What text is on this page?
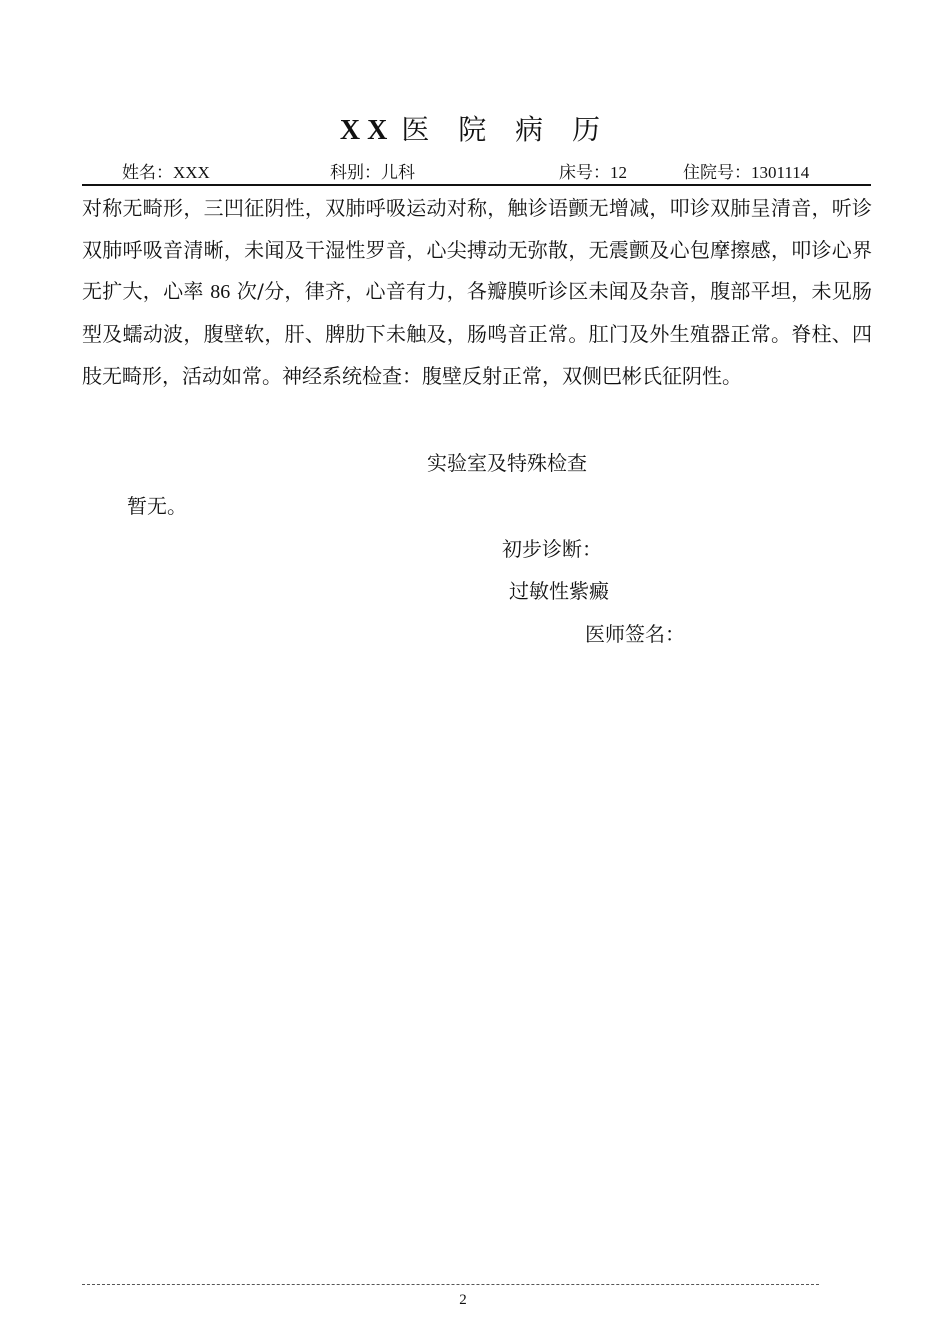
X X 医 院 病 历
姓名：XXX	科别：儿科	床号：12	住院号：1301114

对称无畸形，三凹征阴性，双肺呼吸运动对称，触诊语颤无增减，叩诊双肺呈清音，听诊双肺呼吸音清晰，未闻及干湿性罗音，心尖搏动无弥散，无震颤及心包摩擦感，叩诊心界无扩大，心率 86 次/分，律齐，心音有力，各瓣膜听诊区未闻及杂音，腹部平坦，未见肠型及蠕动波，腹壁软，肝、脾肋下未触及，肠鸣音正常。肛门及外生殖器正常。脊柱、四肢无畸形，活动如常。神经系统检查：腹壁反射正常，双侧巴彬氏征阴性。

实验室及特殊检查
暂无。
初步诊断：
过敏性紫癜
医师签名：
2
